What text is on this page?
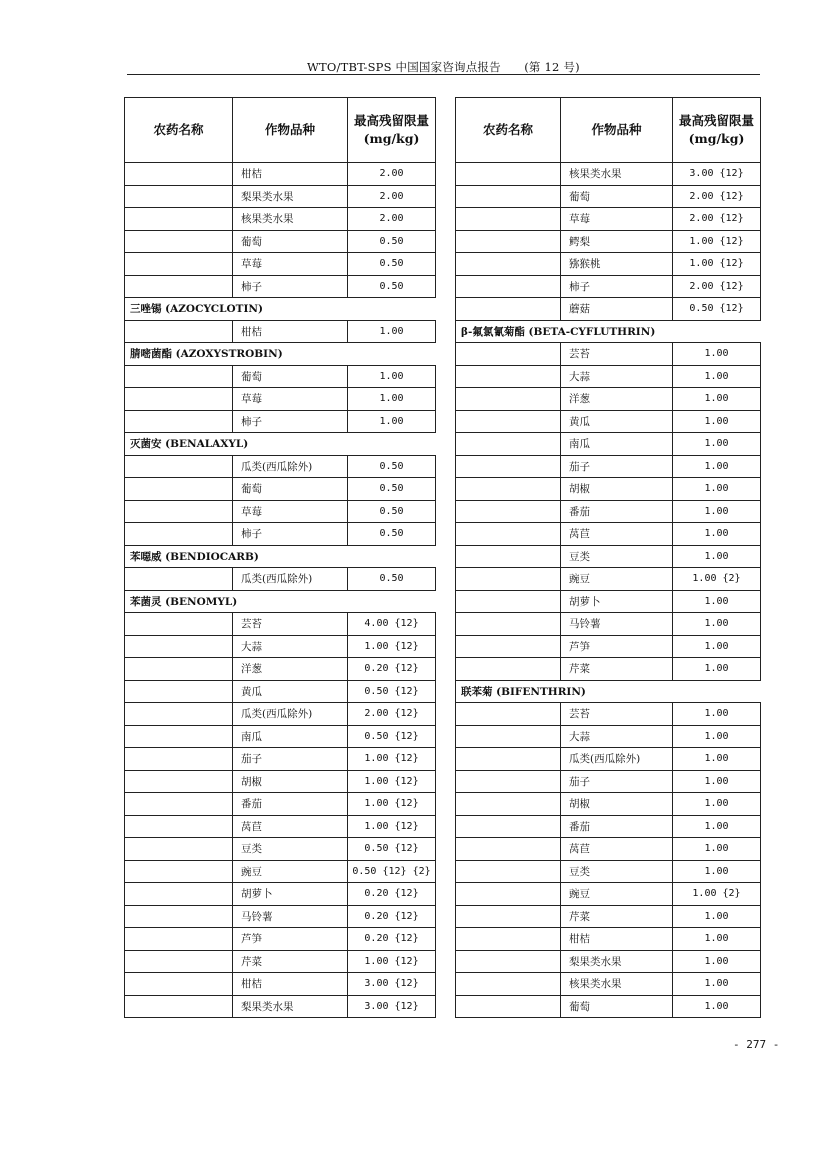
WTO/TBT-SPS 中国国家咨询点报告　　(第 12 号)
农药名称	作物品种	最高残留限量(mg/kg)
	柑桔	2.00
	梨果类水果	2.00
	核果类水果	2.00
	葡萄	0.50
	草莓	0.50
	柿子	0.50
三唑锡 (AZOCYCLOTIN)		
	柑桔	1.00
腈嘧菌酯 (AZOXYSTROBIN)		
	葡萄	1.00
	草莓	1.00
	柿子	1.00
灭菌安 (BENALAXYL)		
	瓜类(西瓜除外)	0.50
	葡萄	0.50
	草莓	0.50
	柿子	0.50
苯噁威 (BENDIOCARB)		
	瓜类(西瓜除外)	0.50
苯菌灵 (BENOMYL)		
	芸苔	4.00 {12}
	大蒜	1.00 {12}
	洋葱	0.20 {12}
	黄瓜	0.50 {12}
	瓜类(西瓜除外)	2.00 {12}
	南瓜	0.50 {12}
	茄子	1.00 {12}
	胡椒	1.00 {12}
	番茄	1.00 {12}
	莴苣	1.00 {12}
	豆类	0.50 {12}
	豌豆	0.50 {12} {2}
	胡萝卜	0.20 {12}
	马铃薯	0.20 {12}
	芦笋	0.20 {12}
	芹菜	1.00 {12}
	柑桔	3.00 {12}
	梨果类水果	3.00 {12}
农药名称	作物品种	最高残留限量(mg/kg)
	核果类水果	3.00 {12}
	葡萄	2.00 {12}
	草莓	2.00 {12}
	鳄梨	1.00 {12}
	猕猴桃	1.00 {12}
	柿子	2.00 {12}
	蘑菇	0.50 {12}
β-氟氯氰菊酯 (BETA-CYFLUTHRIN)		
	芸苔	1.00
	大蒜	1.00
	洋葱	1.00
	黄瓜	1.00
	南瓜	1.00
	茄子	1.00
	胡椒	1.00
	番茄	1.00
	莴苣	1.00
	豆类	1.00
	豌豆	1.00 {2}
	胡萝卜	1.00
	马铃薯	1.00
	芦笋	1.00
	芹菜	1.00
联苯菊 (BIFENTHRIN)		
	芸苔	1.00
	大蒜	1.00
	瓜类(西瓜除外)	1.00
	茄子	1.00
	胡椒	1.00
	番茄	1.00
	莴苣	1.00
	豆类	1.00
	豌豆	1.00 {2}
	芹菜	1.00
	柑桔	1.00
	梨果类水果	1.00
	核果类水果	1.00
	葡萄	1.00
- 277 -
